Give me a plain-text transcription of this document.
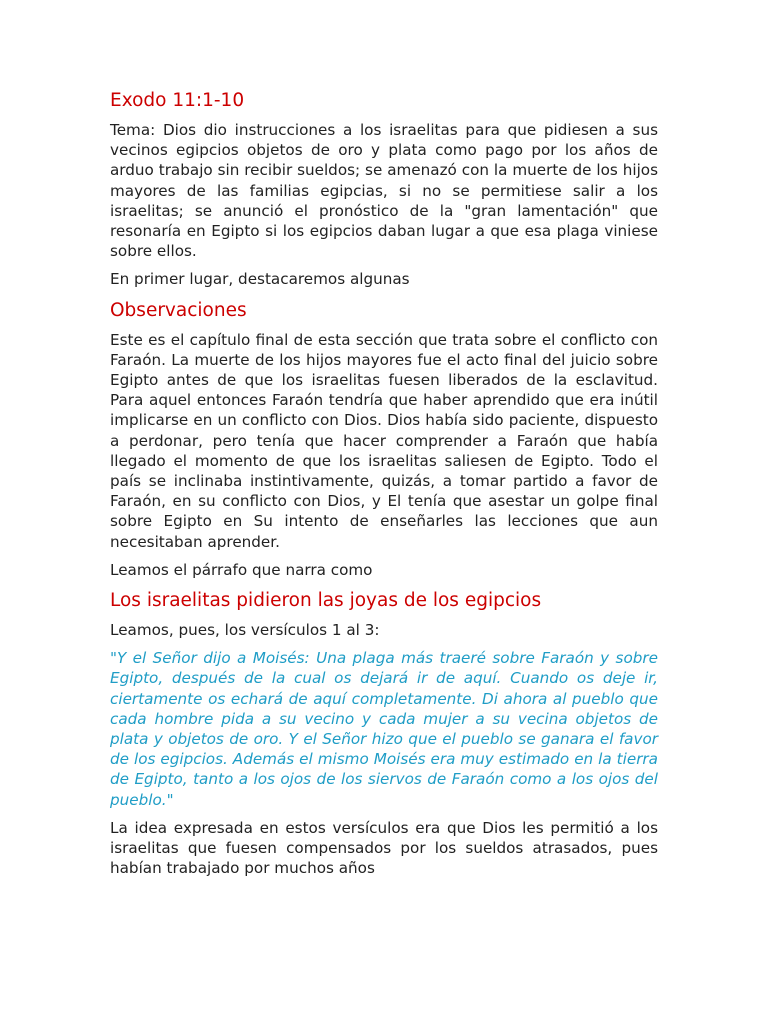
Exodo 11:1-10

Tema: Dios dio instrucciones a los israelitas para que pidiesen a sus vecinos egipcios objetos de oro y plata como pago por los años de arduo trabajo sin recibir sueldos; se amenazó con la muerte de los hijos mayores de las familias egipcias, si no se permitiese salir a los israelitas; se anunció el pronóstico de la "gran lamentación" que resonaría en Egipto si los egipcios daban lugar a que esa plaga viniese sobre ellos.

En primer lugar, destacaremos algunas

Observaciones

Este es el capítulo final de esta sección que trata sobre el conflicto con Faraón. La muerte de los hijos mayores fue el acto final del juicio sobre Egipto antes de que los israelitas fuesen liberados de la esclavitud. Para aquel entonces Faraón tendría que haber aprendido que era inútil implicarse en un conflicto con Dios. Dios había sido paciente, dispuesto a perdonar, pero tenía que hacer comprender a Faraón que había llegado el momento de que los israelitas saliesen de Egipto. Todo el país se inclinaba instintivamente, quizás, a tomar partido a favor de Faraón, en su conflicto con Dios, y El tenía que asestar un golpe final sobre Egipto en Su intento de enseñarles las lecciones que aun necesitaban aprender.

Leamos el párrafo que narra como

Los israelitas pidieron las joyas de los egipcios

Leamos, pues, los versículos 1 al 3:

"Y el Señor dijo a Moisés: Una plaga más traeré sobre Faraón y sobre Egipto, después de la cual os dejará ir de aquí. Cuando os deje ir, ciertamente os echará de aquí completamente. Di ahora al pueblo que cada hombre pida a su vecino y cada mujer a su vecina objetos de plata y objetos de oro. Y el Señor hizo que el pueblo se ganara el favor de los egipcios. Además el mismo Moisés era muy estimado en la tierra de Egipto, tanto a los ojos de los siervos de Faraón como a los ojos del pueblo."

La idea expresada en estos versículos era que Dios les permitió a los israelitas que fuesen compensados por los sueldos atrasados, pues habían trabajado por muchos años
